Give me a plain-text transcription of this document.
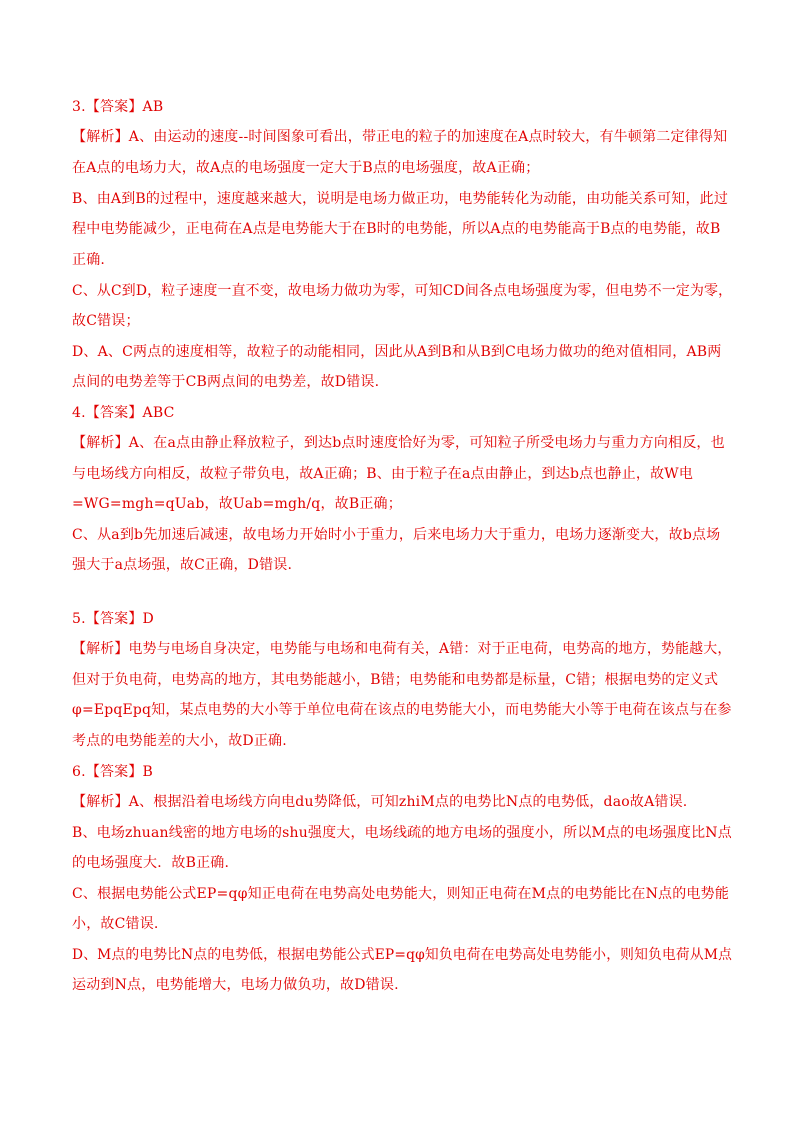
3.【答案】AB
【解析】A、由运动的速度--时间图象可看出，带正电的粒子的加速度在A点时较大，有牛顿第二定律得知
在A点的电场力大，故A点的电场强度一定大于B点的电场强度，故A正确；
B、由A到B的过程中，速度越来越大，说明是电场力做正功，电势能转化为动能，由功能关系可知，此过
程中电势能减少，正电荷在A点是电势能大于在B时的电势能，所以A点的电势能高于B点的电势能，故B
正确.
C、从C到D，粒子速度一直不变，故电场力做功为零，可知CD间各点电场强度为零，但电势不一定为零，
故C错误；
D、A、C两点的速度相等，故粒子的动能相同，因此从A到B和从B到C电场力做功的绝对值相同，AB两
点间的电势差等于CB两点间的电势差，故D错误.
4.【答案】ABC
【解析】A、在a点由静止释放粒子，到达b点时速度恰好为零，可知粒子所受电场力与重力方向相反，也
与电场线方向相反，故粒子带负电，故A正确；B、由于粒子在a点由静止，到达b点也静止，故W电
=WG=mgh=qUab，故Uab=mgh/q，故B正确；
C、从a到b先加速后减速，故电场力开始时小于重力，后来电场力大于重力，电场力逐渐变大，故b点场
强大于a点场强，故C正确，D错误.
5.【答案】D
【解析】电势与电场自身决定，电势能与电场和电荷有关，A错：对于正电荷，电势高的地方，势能越大，
但对于负电荷，电势高的地方，其电势能越小，B错；电势能和电势都是标量，C错；根据电势的定义式
φ=EpqEpq知，某点电势的大小等于单位电荷在该点的电势能大小，而电势能大小等于电荷在该点与在参
考点的电势能差的大小，故D正确.
6.【答案】B
【解析】A、根据沿着电场线方向电du势降低，可知zhiM点的电势比N点的电势低，dao故A错误.
B、电场zhuan线密的地方电场的shu强度大，电场线疏的地方电场的强度小，所以M点的电场强度比N点
的电场强度大．故B正确.
C、根据电势能公式EP=qφ知正电荷在电势高处电势能大，则知正电荷在M点的电势能比在N点的电势能
小，故C错误.
D、M点的电势比N点的电势低，根据电势能公式EP=qφ知负电荷在电势高处电势能小，则知负电荷从M点
运动到N点，电势能增大，电场力做负功，故D错误.
